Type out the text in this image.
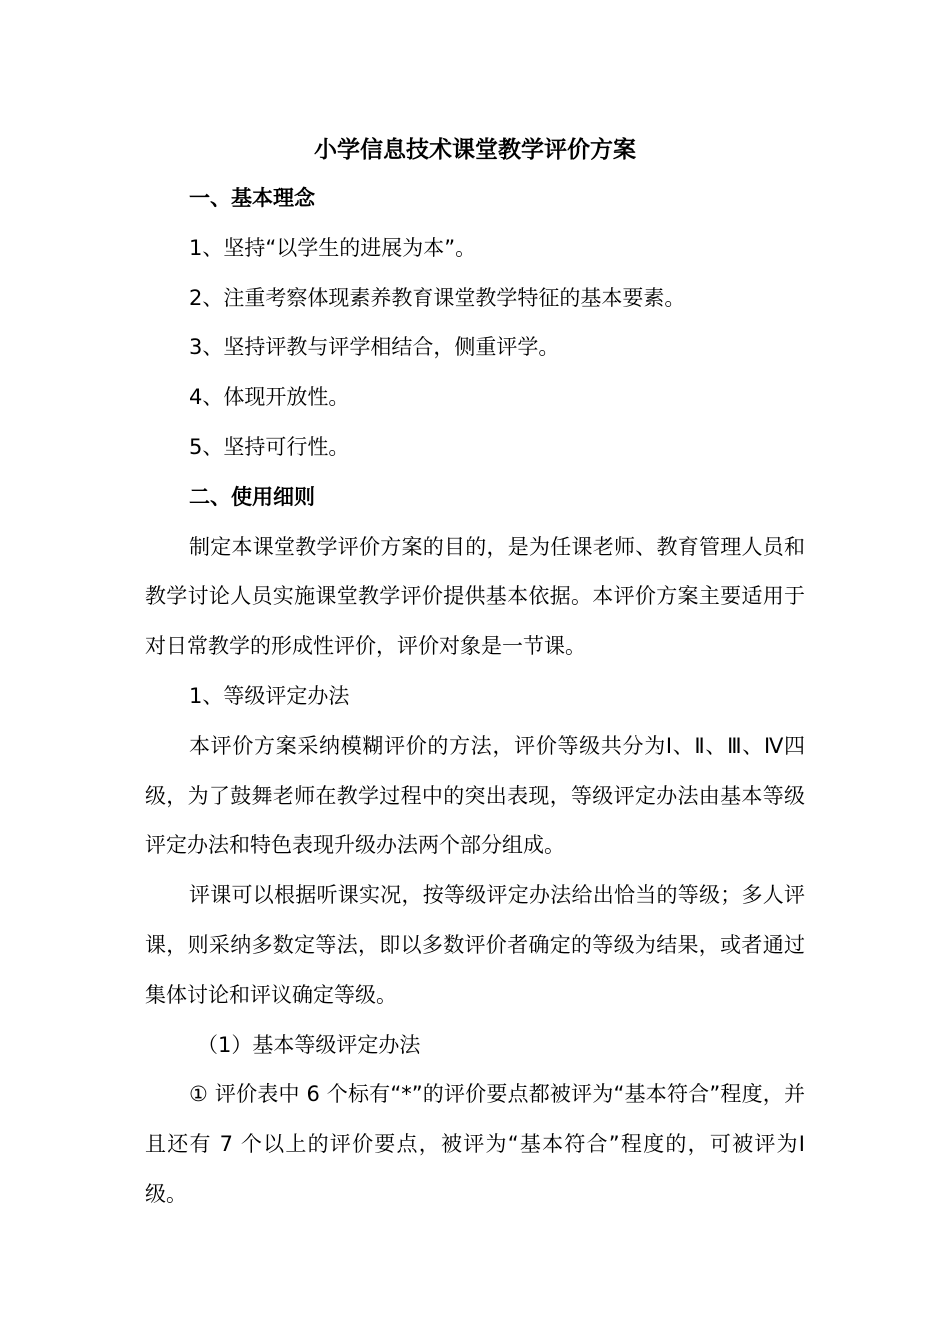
小学信息技术课堂教学评价方案
一、基本理念
1、坚持“以学生的进展为本”。
2、注重考察体现素养教育课堂教学特征的基本要素。
3、坚持评教与评学相结合，侧重评学。
4、体现开放性。
5、坚持可行性。
二、使用细则
制定本课堂教学评价方案的目的，是为任课老师、教育管理人员和教学讨论人员实施课堂教学评价提供基本依据。本评价方案主要适用于对日常教学的形成性评价，评价对象是一节课。
1、等级评定办法
本评价方案采纳模糊评价的方法，评价等级共分为Ⅰ、Ⅱ、Ⅲ、Ⅳ四级，为了鼓舞老师在教学过程中的突出表现，等级评定办法由基本等级评定办法和特色表现升级办法两个部分组成。
评课可以根据听课实况，按等级评定办法给出恰当的等级；多人评课，则采纳多数定等法，即以多数评价者确定的等级为结果，或者通过集体讨论和评议确定等级。
（1）基本等级评定办法
① 评价表中 6 个标有“*”的评价要点都被评为“基本符合”程度，并且还有 7 个以上的评价要点，被评为“基本符合”程度的，可被评为Ⅰ级。
